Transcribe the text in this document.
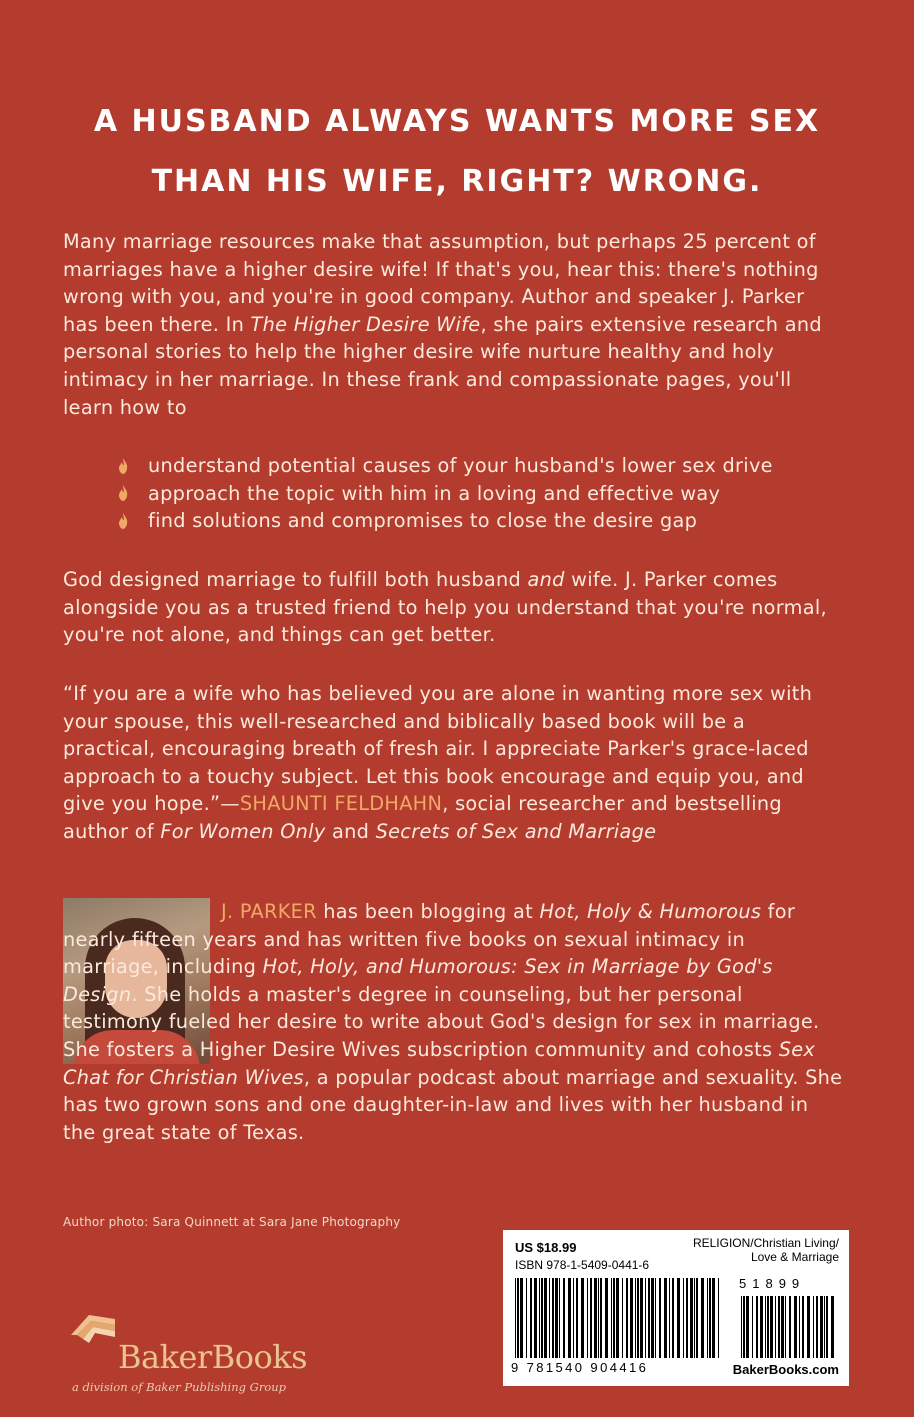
A HUSBAND ALWAYS WANTS MORE SEX
THAN HIS WIFE, RIGHT? WRONG.
Many marriage resources make that assumption, but perhaps 25 percent of marriages have a higher desire wife! If that's you, hear this: there's nothing wrong with you, and you're in good company. Author and speaker J. Parker has been there. In The Higher Desire Wife, she pairs extensive research and personal stories to help the higher desire wife nurture healthy and holy intimacy in her marriage. In these frank and compassionate pages, you'll learn how to
understand potential causes of your husband's lower sex drive
approach the topic with him in a loving and effective way
find solutions and compromises to close the desire gap
God designed marriage to fulfill both husband and wife. J. Parker comes alongside you as a trusted friend to help you understand that you're normal, you're not alone, and things can get better.
“If you are a wife who has believed you are alone in wanting more sex with your spouse, this well-researched and biblically based book will be a practical, encouraging breath of fresh air. I appreciate Parker's grace-laced approach to a touchy subject. Let this book encourage and equip you, and give you hope.”—SHAUNTI FELDHAHN, social researcher and bestselling author of For Women Only and Secrets of Sex and Marriage
J. PARKER has been blogging at Hot, Holy & Humorous for nearly fifteen years and has written five books on sexual intimacy in marriage, including Hot, Holy, and Humorous: Sex in Marriage by God's Design. She holds a master's degree in counseling, but her personal testimony fueled her desire to write about God's design for sex in marriage. She fosters a Higher Desire Wives subscription community and cohosts Sex Chat for Christian Wives, a popular podcast about marriage and sexuality. She has two grown sons and one daughter-in-law and lives with her husband in the great state of Texas.
Author photo: Sara Quinnett at Sara Jane Photography
US $18.99	RELIGION/Christian Living/
Love & Marriage
ISBN 978-1-5409-0441-6
51899
9 781540 904416	BakerBooks.com
BakerBooks
a division of Baker Publishing Group
